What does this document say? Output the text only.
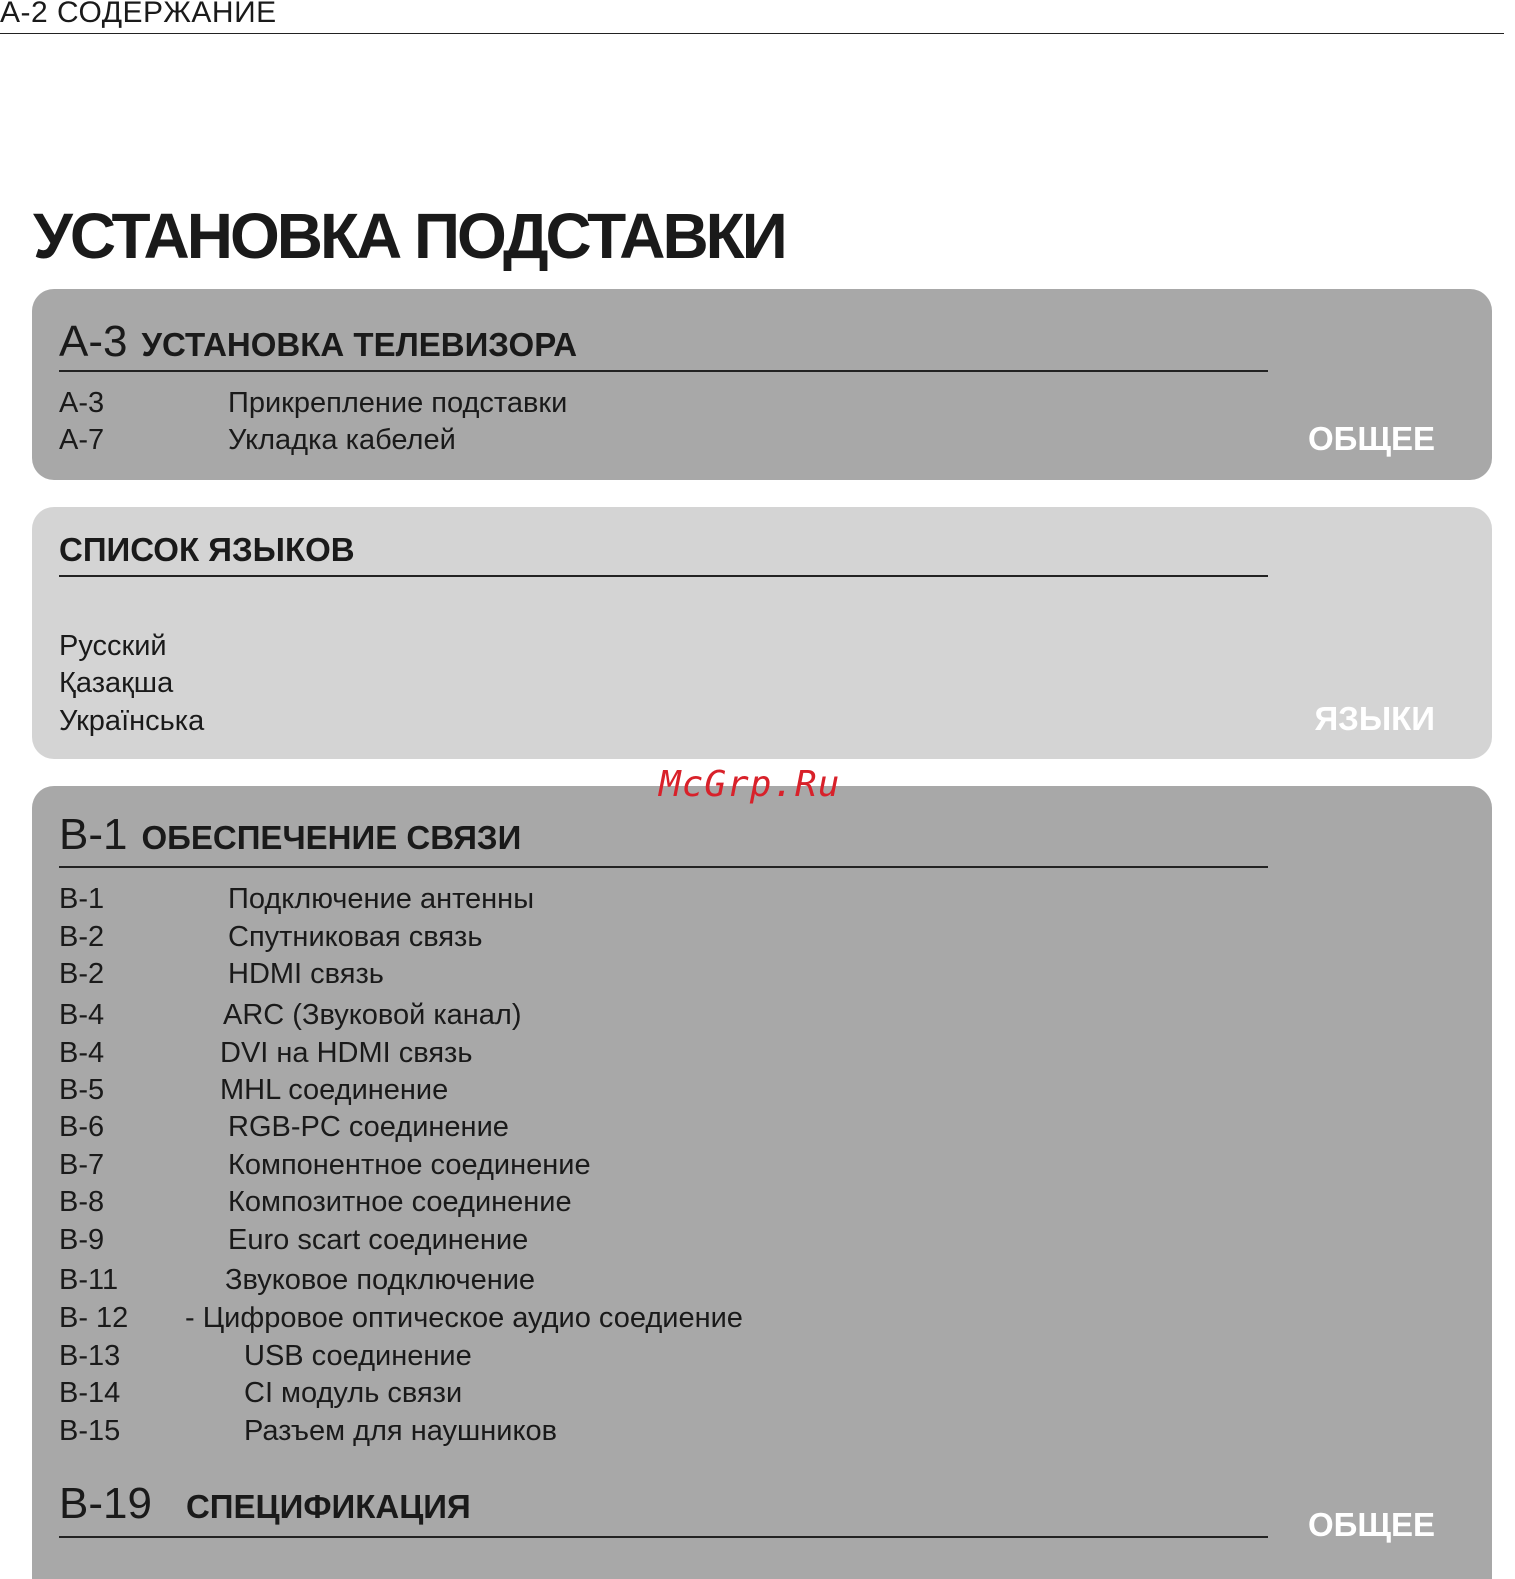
A-2 СОДЕРЖАНИЕ
УСТАНОВКА ПОДСТАВКИ
A-3 УСТАНОВКА ТЕЛЕВИЗОРА
A-3	Прикрепление подставки
A-7	Укладка кабелей	ОБЩЕЕ
СПИСОК ЯЗЫКОВ
Русский
Қазақша
Українська	ЯЗЫКИ
B-1 ОБЕСПЕЧЕНИЕ СВЯЗИ
B-1	Подключение антенны
B-2	Спутниковая связь
B-2	HDMI связь
B-4	ARC (Звуковой канал)
B-4	DVI на HDMI связь
B-5	MHL соединение
B-6	RGB-PC соединение
B-7	Компонентное соединение
B-8	Композитное соединение
B-9	Euro scart соединение
B-11	Звуковое подключение
B- 12 - Цифровое оптическое аудио соедиение
B-13	USB соединение
B-14	CI модуль связи
B-15	Разъем для наушников
B-19 СПЕЦИФИКАЦИЯ	ОБЩЕЕ
McGrp.Ru
